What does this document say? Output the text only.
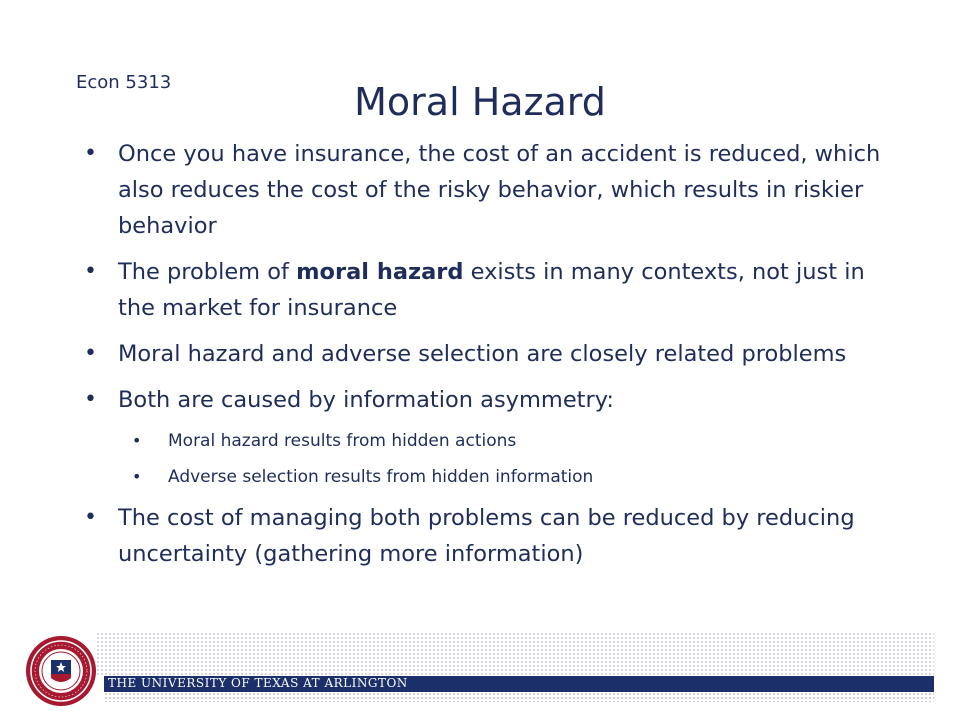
Econ 5313	Moral Hazard
• Once you have insurance, the cost of an accident is reduced, which also reduces the cost of the risky behavior, which results in riskier behavior
• The problem of moral hazard exists in many contexts, not just in the market for insurance
• Moral hazard and adverse selection are closely related problems
• Both are caused by information asymmetry:
• Moral hazard results from hidden actions
• Adverse selection results from hidden information
• The cost of managing both problems can be reduced by reducing uncertainty (gathering more information)
THE UNIVERSITY OF TEXAS AT ARLINGTON
